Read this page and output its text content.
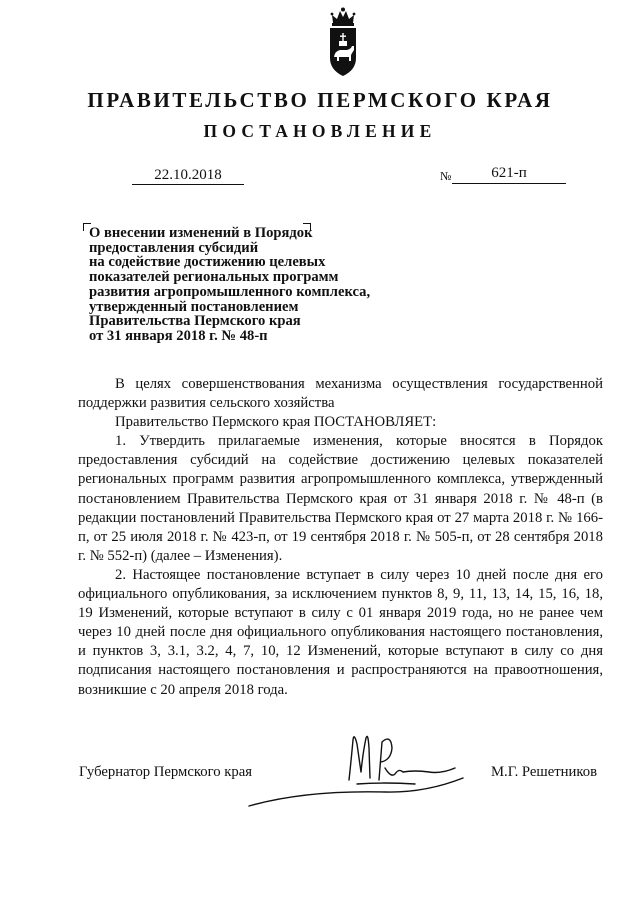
ПРАВИТЕЛЬСТВО ПЕРМСКОГО КРАЯ
ПОСТАНОВЛЕНИЕ
22.10.2018	№	621-п
О внесении изменений в Порядок
предоставления субсидий
на содействие достижению целевых
показателей региональных программ
развития агропромышленного комплекса,
утвержденный постановлением
Правительства Пермского края
от 31 января 2018 г. № 48-п

В целях совершенствования механизма осуществления государственной поддержки развития сельского хозяйства

Правительство Пермского края ПОСТАНОВЛЯЕТ:

1. Утвердить прилагаемые изменения, которые вносятся в Порядок предоставления субсидий на содействие достижению целевых показателей региональных программ развития агропромышленного комплекса, утвержденный постановлением Правительства Пермского края от 31 января 2018 г. № 48-п (в редакции постановлений Правительства Пермского края от 27 марта 2018 г. № 166-п, от 25 июля 2018 г. № 423-п, от 19 сентября 2018 г. № 505-п, от 28 сентября 2018 г. № 552-п) (далее – Изменения).

2. Настоящее постановление вступает в силу через 10 дней после дня его официального опубликования, за исключением пунктов 8, 9, 11, 13, 14, 15, 16, 18, 19 Изменений, которые вступают в силу с 01 января 2019 года, но не ранее чем через 10 дней после дня официального опубликования настоящего постановления, и пунктов 3, 3.1, 3.2, 4, 7, 10, 12 Изменений, которые вступают в силу со дня подписания настоящего постановления и распространяются на правоотношения, возникшие с 20 апреля 2018 года.

Губернатор Пермского края	М.Г. Решетников
